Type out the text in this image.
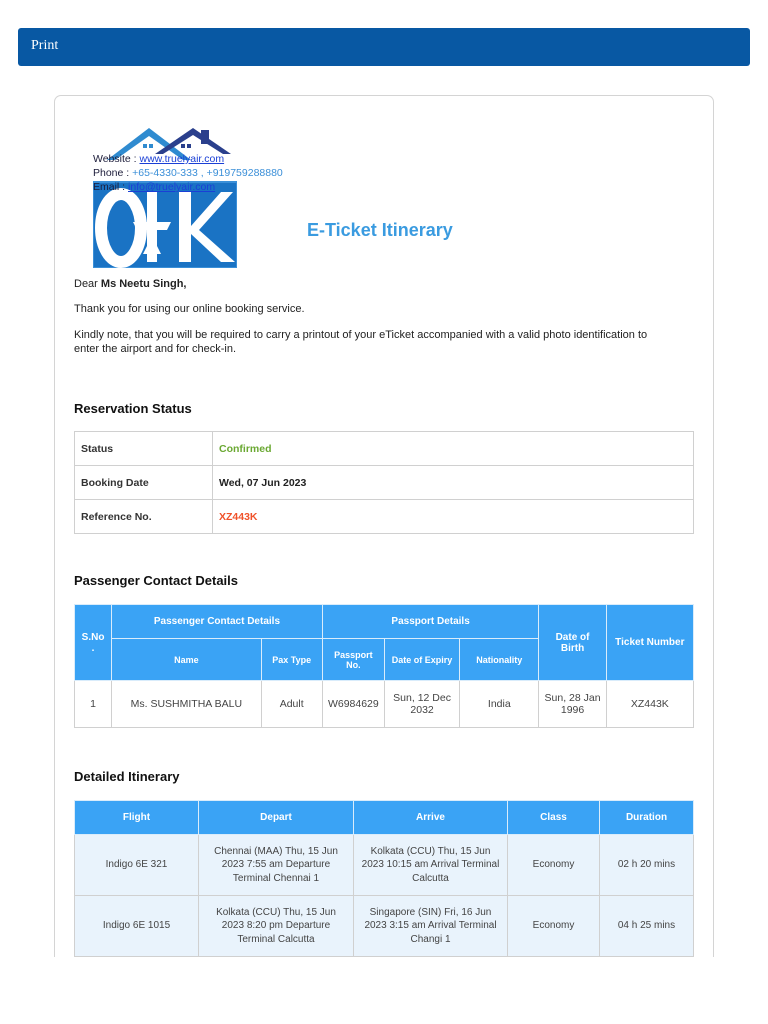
Print
Website : www.truelyair.com
Phone : +65-4330-333 , +919759288880
Email : info@truelyair.com
E-Ticket Itinerary
Dear Ms Neetu Singh,
Thank you for using our online booking service.
Kindly note, that you will be required to carry a printout of your eTicket accompanied with a valid photo identification to enter the airport and for check-in.
Reservation Status
Status	Confirmed
Booking Date	Wed, 07 Jun 2023
Reference No.	XZ443K
Passenger Contact Details
S.No .	Passenger Contact Details		Passport Details			Date of Birth	Ticket Number
	Name	Pax Type	Passport No.	Date of Expiry	Nationality		
1	Ms. SUSHMITHA BALU	Adult	W6984629	Sun, 12 Dec 2032	India	Sun, 28 Jan 1996	XZ443K
Detailed Itinerary
Flight	Depart	Arrive	Class	Duration
Indigo 6E 321	Chennai (MAA) Thu, 15 Jun 2023 7:55 am Departure Terminal Chennai 1	Kolkata (CCU) Thu, 15 Jun 2023 10:15 am Arrival Terminal Calcutta	Economy	02 h 20 mins
Indigo 6E 1015	Kolkata (CCU) Thu, 15 Jun 2023 8:20 pm Departure Terminal Calcutta	Singapore (SIN) Fri, 16 Jun 2023 3:15 am Arrival Terminal Changi 1	Economy	04 h 25 mins
